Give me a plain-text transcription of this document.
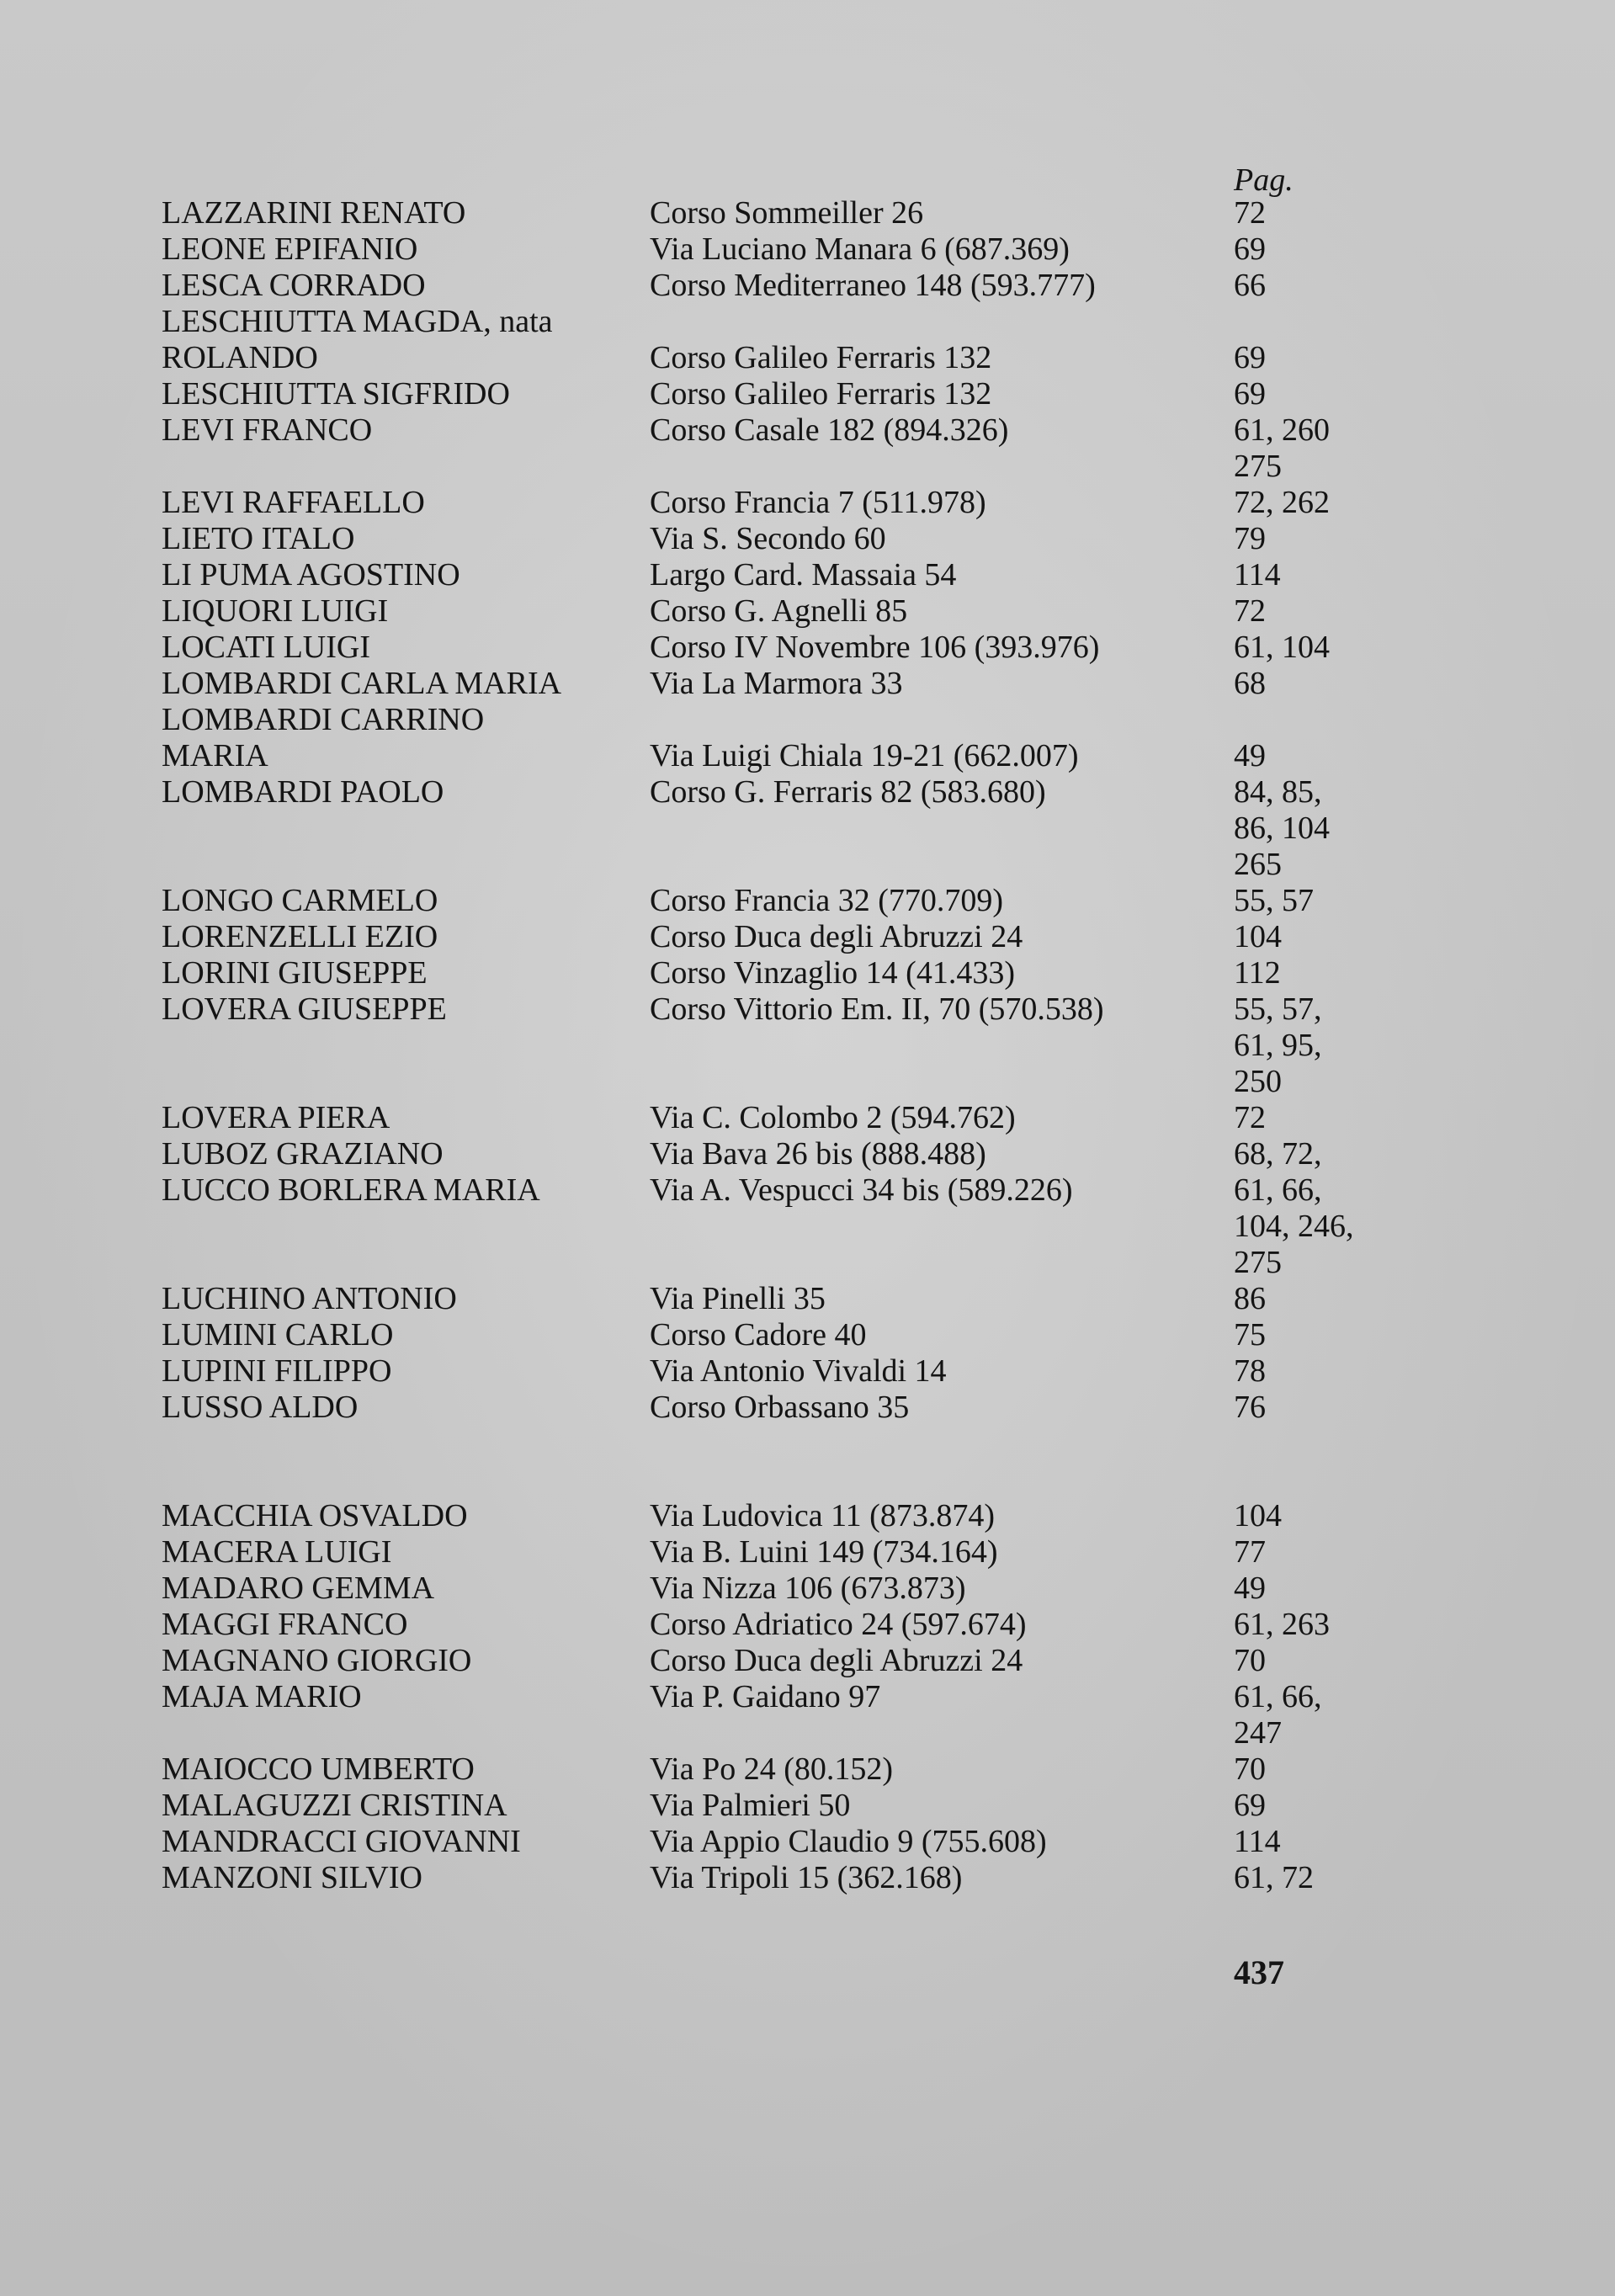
Pag.
LAZZARINI RENATO	Corso Sommeiller 26	72
LEONE EPIFANIO	Via Luciano Manara 6 (687.369)	69
LESCA CORRADO	Corso Mediterraneo 148 (593.777)	66
LESCHIUTTA MAGDA, nata
ROLANDO	Corso Galileo Ferraris 132	69
LESCHIUTTA SIGFRIDO	Corso Galileo Ferraris 132	69
LEVI FRANCO	Corso Casale 182 (894.326)	61, 260
275
LEVI RAFFAELLO	Corso Francia 7 (511.978)	72, 262
LIETO ITALO	Via S. Secondo 60	79
LI PUMA AGOSTINO	Largo Card. Massaia 54	114
LIQUORI LUIGI	Corso G. Agnelli 85	72
LOCATI LUIGI	Corso IV Novembre 106 (393.976)	61, 104
LOMBARDI CARLA MARIA	Via La Marmora 33	68
LOMBARDI CARRINO
MARIA	Via Luigi Chiala 19-21 (662.007)	49
LOMBARDI PAOLO	Corso G. Ferraris 82 (583.680)	84, 85,
86, 104
265
LONGO CARMELO	Corso Francia 32 (770.709)	55, 57
LORENZELLI EZIO	Corso Duca degli Abruzzi 24	104
LORINI GIUSEPPE	Corso Vinzaglio 14 (41.433)	112
LOVERA GIUSEPPE	Corso Vittorio Em. II, 70 (570.538)	55, 57,
61, 95,
250
LOVERA PIERA	Via C. Colombo 2 (594.762)	72
LUBOZ GRAZIANO	Via Bava 26 bis (888.488)	68, 72,
LUCCO BORLERA MARIA	Via A. Vespucci 34 bis (589.226)	61, 66,
104, 246,
275
LUCHINO ANTONIO	Via Pinelli 35	86
LUMINI CARLO	Corso Cadore 40	75
LUPINI FILIPPO	Via Antonio Vivaldi 14	78
LUSSO ALDO	Corso Orbassano 35	76
MACCHIA OSVALDO	Via Ludovica 11 (873.874)	104
MACERA LUIGI	Via B. Luini 149 (734.164)	77
MADARO GEMMA	Via Nizza 106 (673.873)	49
MAGGI FRANCO	Corso Adriatico 24 (597.674)	61, 263
MAGNANO GIORGIO	Corso Duca degli Abruzzi 24	70
MAJA MARIO	Via P. Gaidano 97	61, 66,
247
MAIOCCO UMBERTO	Via Po 24 (80.152)	70
MALAGUZZI CRISTINA	Via Palmieri 50	69
MANDRACCI GIOVANNI	Via Appio Claudio 9 (755.608)	114
MANZONI SILVIO	Via Tripoli 15 (362.168)	61, 72
437
